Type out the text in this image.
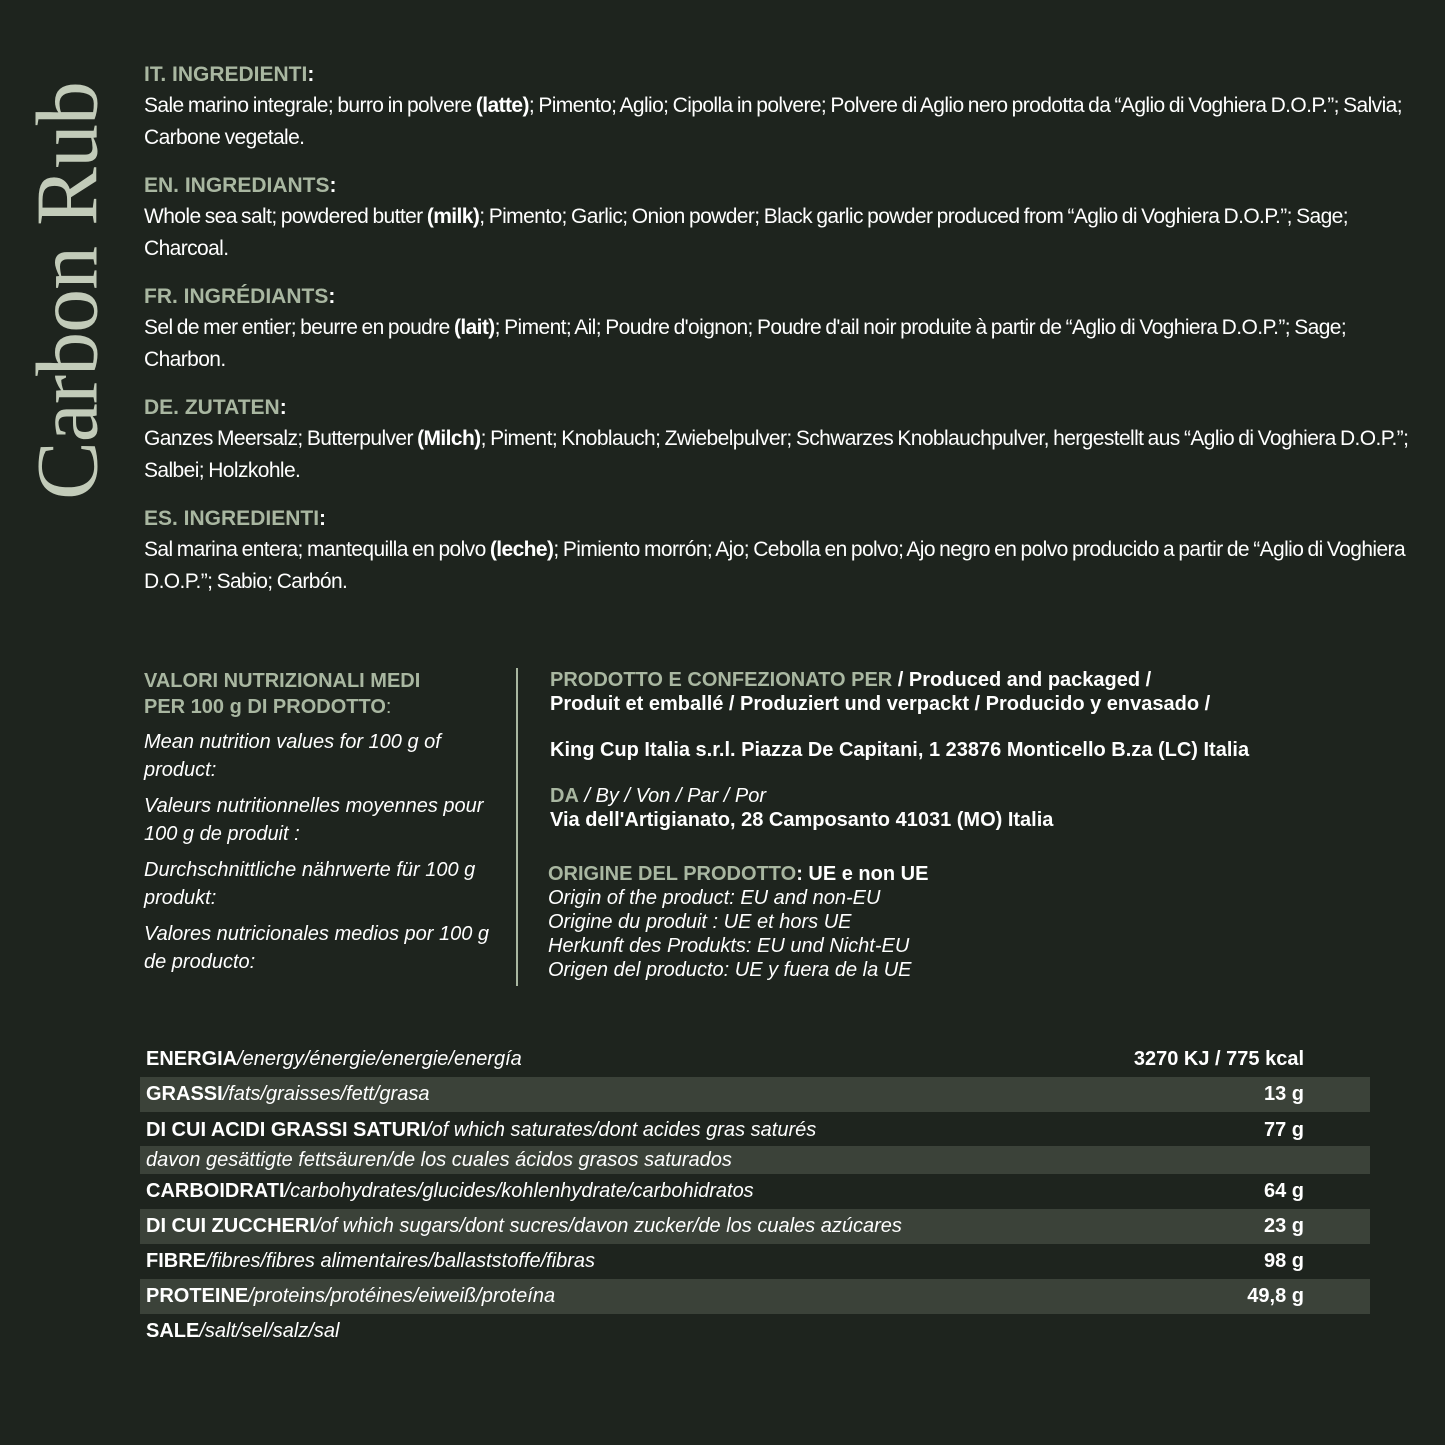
Carbon Rub
IT. INGREDIENTI:
Sale marino integrale; burro in polvere (latte); Pimento; Aglio; Cipolla in polvere; Polvere di Aglio nero prodotta da “Aglio di Voghiera D.O.P.”; Salvia; Carbone vegetale.
EN. INGREDIANTS:
Whole sea salt; powdered butter (milk); Pimento; Garlic; Onion powder; Black garlic powder produced from “Aglio di Voghiera D.O.P.”; Sage; Charcoal.
FR. INGRÉDIANTS:
Sel de mer entier; beurre en poudre (lait); Piment; Ail; Poudre d'oignon; Poudre d'ail noir produite à partir de “Aglio di Voghiera D.O.P.”; Sage; Charbon.
DE. ZUTATEN:
Ganzes Meersalz; Butterpulver (Milch); Piment; Knoblauch; Zwiebelpulver; Schwarzes Knoblauchpulver, hergestellt aus “Aglio di Voghiera D.O.P.”; Salbei; Holzkohle.
ES. INGREDIENTI:
Sal marina entera; mantequilla en polvo (leche); Pimiento morrón; Ajo; Cebolla en polvo; Ajo negro en polvo producido a partir de “Aglio di Voghiera D.O.P.”; Sabio; Carbón.
VALORI NUTRIZIONALI MEDI
PER 100 g DI PRODOTTO:
Mean nutrition values for 100 g of product:
Valeurs nutritionnelles moyennes pour 100 g de produit :
Durchschnittliche nährwerte für 100 g produkt:
Valores nutricionales medios por 100 g de producto:
PRODOTTO E CONFEZIONATO PER / Produced and packaged /
Produit et emballé / Produziert und verpackt / Producido y envasado /
King Cup Italia s.r.l. Piazza De Capitani, 1 23876 Monticello B.za (LC) Italia
DA / By / Von / Par / Por
Via dell'Artigianato, 28 Camposanto 41031 (MO) Italia
ORIGINE DEL PRODOTTO: UE e non UE
Origin of the product: EU and non-EU
Origine du produit : UE et hors UE
Herkunft des Produkts: EU und Nicht-EU
Origen del producto: UE y fuera de la UE
ENERGIA/energy/énergie/energie/energía	3270 KJ / 775 kcal
GRASSI/fats/graisses/fett/grasa	13 g
DI CUI ACIDI GRASSI SATURI/of which saturates/dont acides gras saturés	77 g
davon gesättigte fettsäuren/de los cuales ácidos grasos saturados
CARBOIDRATI/carbohydrates/glucides/kohlenhydrate/carbohidratos	64 g
DI CUI ZUCCHERI/of which sugars/dont sucres/davon zucker/de los cuales azúcares	23 g
FIBRE/fibres/fibres alimentaires/ballaststoffe/fibras	98 g
PROTEINE/proteins/protéines/eiweiß/proteína	49,8 g
SALE/salt/sel/salz/sal
